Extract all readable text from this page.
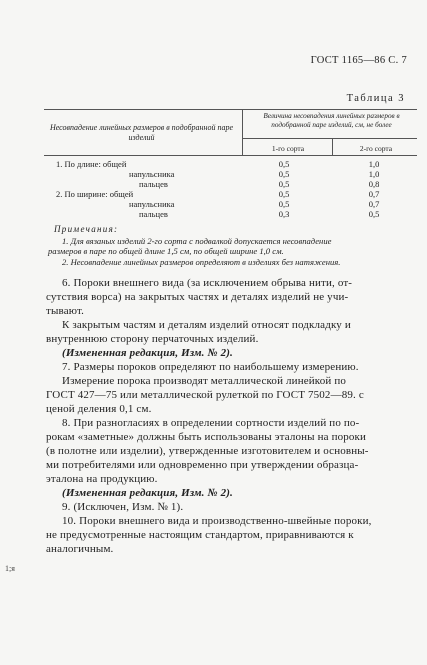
ГОСТ 1165—86 С. 7
Таблица 3
Несовпадение линейных размеров в подобранной паре изделий
Величина несовпадения линейных размеров в подобранной паре изделий, см, не более
1-го сорта	2-го сорта
1. По длине: общей	0,5	1,0
напульсника	0,5	1,0
пальцев	0,5	0,8
2. По ширине: общей	0,5	0,7
напульсника	0,5	0,7
пальцев	0,3	0,5
Примечания:
1. Для вязаных изделий 2-го сорта с подвалкой допускается несовпадение
размеров в паре по общей длине 1,5 см, по общей ширине 1,0 см.
2. Несовпадение линейных размеров определяют в изделиях без натяжения.
6. Пороки внешнего вида (за исключением обрыва нити, от-
сутствия ворса) на закрытых частях и деталях изделий не учи-
тывают.
К закрытым частям и деталям изделий относят подкладку и
внутреннюю сторону перчаточных изделий.
(Измененная редакция, Изм. № 2).
7. Размеры пороков определяют по наибольшему измерению.
Измерение порока производят металлической линейкой по
ГОСТ 427—75 или металлической рулеткой по ГОСТ 7502—89. с
ценой деления 0,1 см.
8. При разногласиях в определении сортности изделий по по-
рокам «заметные» должны быть использованы эталоны на пороки
(в полотне или изделии), утвержденные изготовителем и основны-
ми потребителями или одновременно при утверждении образца-
эталона на продукцию.
(Измененная редакция, Изм. № 2).
9. (Исключен, Изм. № 1).
10. Пороки внешнего вида и производственно-швейные пороки,
не предусмотренные настоящим стандартом, приравниваются к
аналогичным.
1;я
